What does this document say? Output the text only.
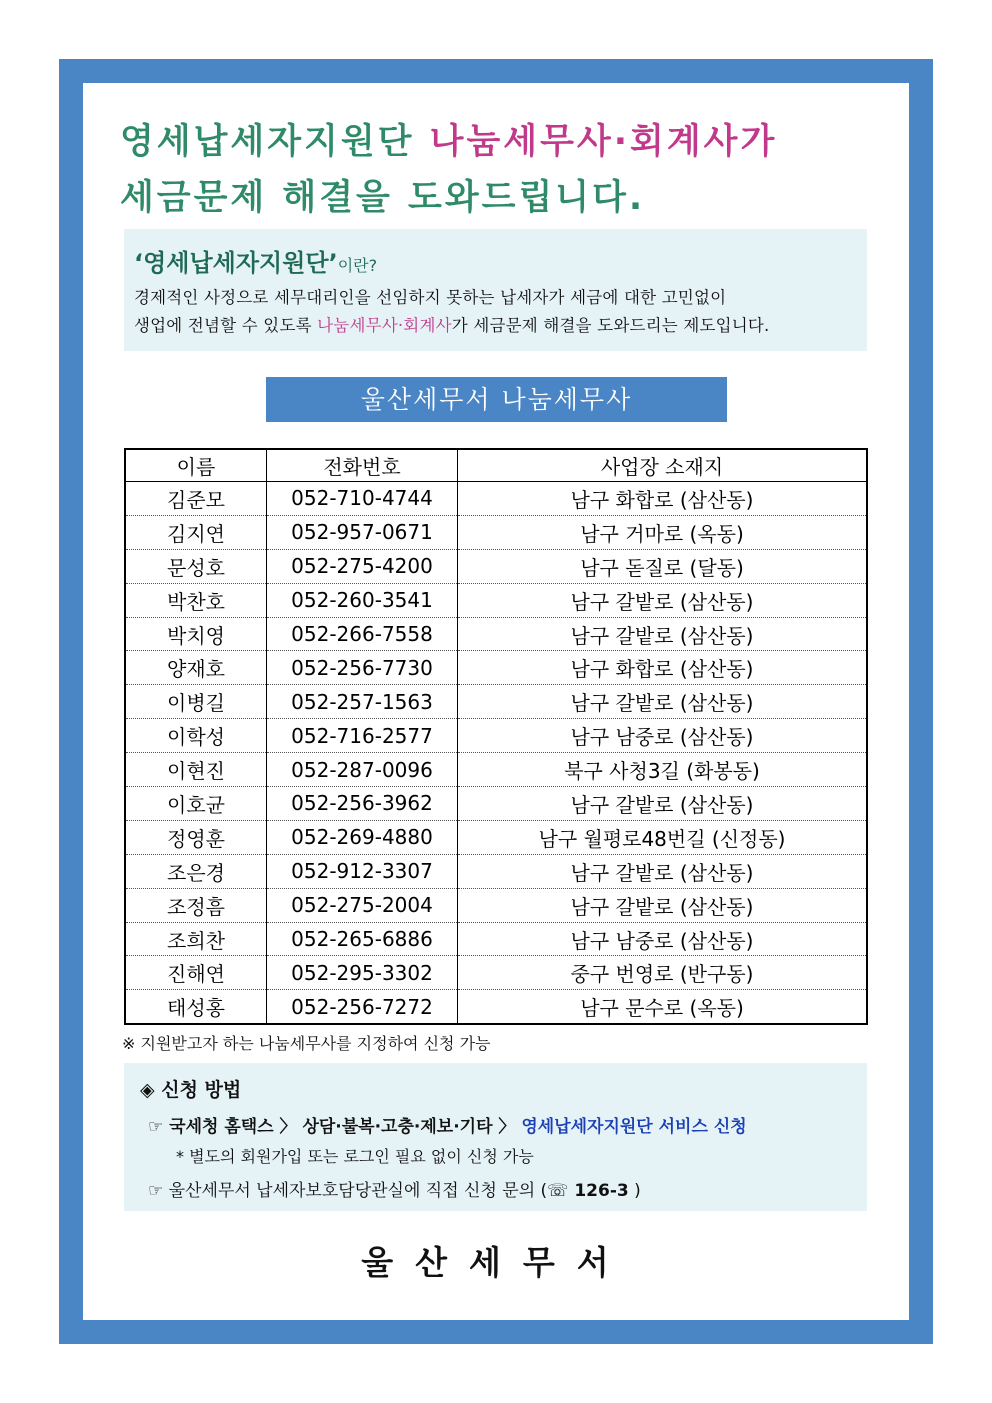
영세납세자지원단 나눔세무사·회계사가
세금문제 해결을 도와드립니다.
‘영세납세자지원단’이란?
경제적인 사정으로 세무대리인을 선임하지 못하는 납세자가 세금에 대한 고민없이
생업에 전념할 수 있도록 나눔세무사·회계사가 세금문제 해결을 도와드리는 제도입니다.
울산세무서 나눔세무사
이름	전화번호	사업장 소재지
김준모	052-710-4744	남구 화합로 (삼산동)
김지연	052-957-0671	남구 거마로 (옥동)
문성호	052-275-4200	남구 돋질로 (달동)
박찬호	052-260-3541	남구 갈밭로 (삼산동)
박치영	052-266-7558	남구 갈밭로 (삼산동)
양재호	052-256-7730	남구 화합로 (삼산동)
이병길	052-257-1563	남구 갈밭로 (삼산동)
이학성	052-716-2577	남구 남중로 (삼산동)
이현진	052-287-0096	북구 사청3길 (화봉동)
이호균	052-256-3962	남구 갈밭로 (삼산동)
정영훈	052-269-4880	남구 월평로48번길 (신정동)
조은경	052-912-3307	남구 갈밭로 (삼산동)
조정흠	052-275-2004	남구 갈밭로 (삼산동)
조희찬	052-265-6886	남구 남중로 (삼산동)
진해연	052-295-3302	중구 번영로 (반구동)
태성홍	052-256-7272	남구 문수로 (옥동)
※ 지원받고자 하는 나눔세무사를 지정하여 신청 가능
◈ 신청 방법
☞ 국세청 홈택스 〉 상담·불복·고충·제보·기타 〉 영세납세자지원단 서비스 신청
* 별도의 회원가입 또는 로그인 필요 없이 신청 가능
☞ 울산세무서 납세자보호담당관실에 직접 신청 문의 (☏ 126-3 )
울산세무서
